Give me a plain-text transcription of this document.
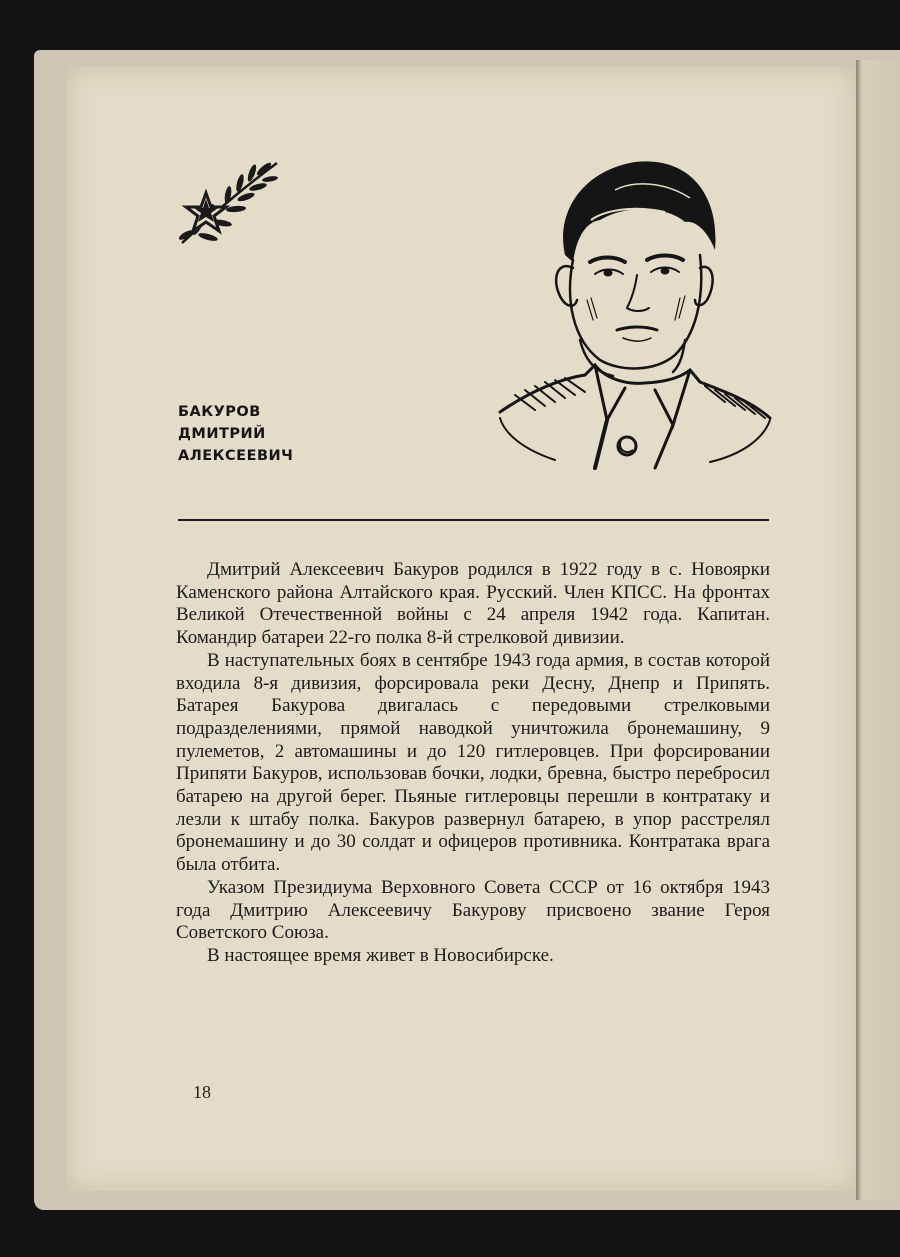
БАКУРОВ
ДМИТРИЙ
АЛЕКСЕЕВИЧ

Дмитрий Алексеевич Бакуров родился в 1922 году в с. Новоярки Каменского района Алтайского края. Русский. Член КПСС. На фронтах Великой Отечественной войны с 24 апреля 1942 года. Капитан. Командир батареи 22-го полка 8-й стрелковой дивизии.

В наступательных боях в сентябре 1943 года армия, в состав которой входила 8-я дивизия, форсировала реки Десну, Днепр и Припять. Батарея Бакурова двигалась с передовыми стрелковыми подразделениями, прямой наводкой уничтожила бронемашину, 9 пулеметов, 2 автомашины и до 120 гитлеровцев. При форсировании Припяти Бакуров, использовав бочки, лодки, бревна, быстро перебросил батарею на другой берег. Пьяные гитлеровцы перешли в контратаку и лезли к штабу полка. Бакуров развернул батарею, в упор расстрелял бронемашину и до 30 солдат и офицеров противника. Контратака врага была отбита.

Указом Президиума Верховного Совета СССР от 16 октября 1943 года Дмитрию Алексеевичу Бакурову присвоено звание Героя Советского Союза.

В настоящее время живет в Новосибирске.

18
